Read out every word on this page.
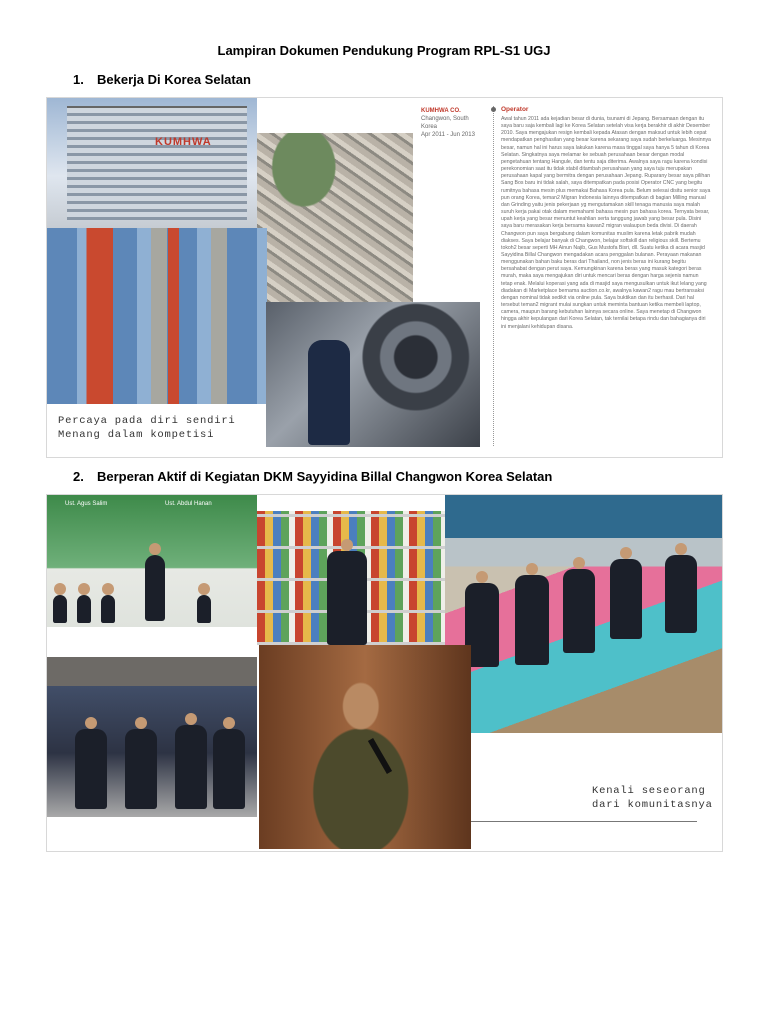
Lampiran Dokumen Pendukung Program RPL-S1 UGJ
1. Bekerja Di Korea Selatan
KUMHWA
Percaya pada diri sendiri
Menang dalam kompetisi
KUMHWA CO.
Changwon, South Korea
Apr 2011 - Jun 2013
Operator
Awal tahun 2011 ada kejadian besar di dunia, tsunami di Jepang. Bersamaan dengan itu saya baru saja kembali lagi ke Korea Selatan setelah visa kerja berakhir di akhir Desember 2010. Saya mengajukan resign kembali kepada Atasan dengan maksud untuk lebih cepat mendapatkan penghasilan yang besar karena sekarang saya sudah berkeluarga. Mesinnya besar, namun hal ini harus saya lakukan karena masa tinggal saya hanya 5 tahun di Korea Selatan. Singkatnya saya melamar ke sebuah perusahaan besar dengan modal pengetahuan tentang Hangule, dan tentu saja diterima. Awalnya saya ragu karena kondisi perekonomian saat itu tidak stabil ditambah perusahaan yang saya tuju merupakan perusahaan kapal yang bermitra dengan perusahaan Jepang. Ruparany besar saya pilihan Sang Bos baru ini tidak salah, saya ditempatkan pada posisi Operator CNC yang begitu rumitnya bahasa mesin plus memakai Bahasa Korea pula. Belum selesai disitu senior saya pun orang Korea, teman2 Migran Indonesia lainnya ditempatkan di bagian Milling manual dan Grinding yaitu jenis pekerjaan yg mengutamakan skill tenaga manusia saya malah suruh kerja pakai otak dalam memahami bahasa mesin pun bahasa korea. Ternyata besar, upah kerja yang besar menuntut keahlian serta tanggung jawab yang besar pula. Disini saya baru merasakan kerja bersama kawan2 migran walaupun beda divisi. Di daerah Changwon pun saya bergabung dalam komunitas muslim karena letak pabrik mudah diakses. Saya belajar banyak di Changwon, belajar softskill dan religious skill. Bertemu tokoh2 besar seperti MH Ainun Najib, Gus Mustofa Bisri, dll. Suatu ketika di acara masjid Sayyidina Billal Changwon mengadakan acara penggalan bulanan. Perayaan makanan menggunakan bahan baku beras dari Thailand, non jenis beras ini kurang begitu bersahabat dengan perut saya. Kemungkinan karena beras yang masuk kategori beras murah, maka saya mengajukan diri untuk mencari beras dengan harga sejenis namun tetap enak. Melalui koperasi yang ada di masjid saya mengusulkan untuk ikut lelang yang diadakan di Marketplace bernama auction.co.kr, awalnya kawan2 ragu mau bertransaksi dengan nominal tidak sedikit via online pula. Saya buktikan dan itu berhasil. Dari hal tersebut teman2 migrant mulai sungkan untuk meminta bantuan ketika membeli laptop, camera, maupun barang kebutuhan lainnya secara online. Saya menetap di Changwon hingga akhir kepulangan dari Korea Selatan, tak ternilai betapa rindu dan bahagianya diri ini menjalani kehidupan disana.
2. Berperan Aktif di Kegiatan DKM Sayyidina Billal Changwon Korea Selatan
Ust. Agus Salim	Ust. Abdul Hanan
Kenali seseorang
dari komunitasnya
